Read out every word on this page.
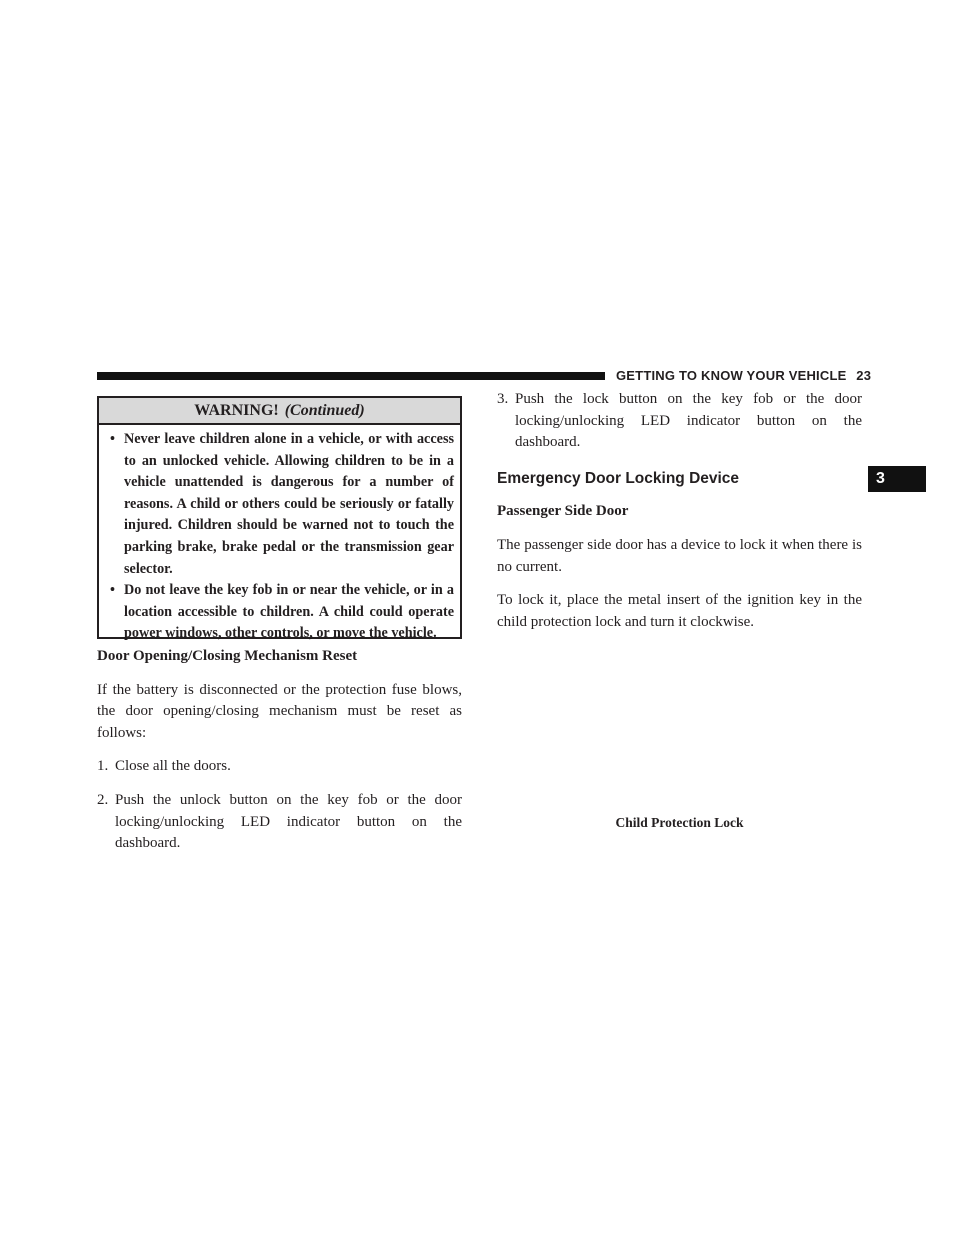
GETTING TO KNOW YOUR VEHICLE 23
3
WARNING! (Continued)
• Never leave children alone in a vehicle, or with access to an unlocked vehicle. Allowing children to be in a vehicle unattended is dangerous for a number of reasons. A child or others could be seriously or fatally injured. Children should be warned not to touch the parking brake, brake pedal or the transmission gear selector.
• Do not leave the key fob in or near the vehicle, or in a location accessible to children. A child could operate power windows, other controls, or move the vehicle.

Door Opening/Closing Mechanism Reset

If the battery is disconnected or the protection fuse blows, the door opening/closing mechanism must be reset as follows:

1. Close all the doors.

2. Push the unlock button on the key fob or the door locking/unlocking LED indicator button on the dashboard.

3. Push the lock button on the key fob or the door locking/unlocking LED indicator button on the dashboard.

Emergency Door Locking Device

Passenger Side Door

The passenger side door has a device to lock it when there is no current.

To lock it, place the metal insert of the ignition key in the child protection lock and turn it clockwise.

Child Protection Lock
